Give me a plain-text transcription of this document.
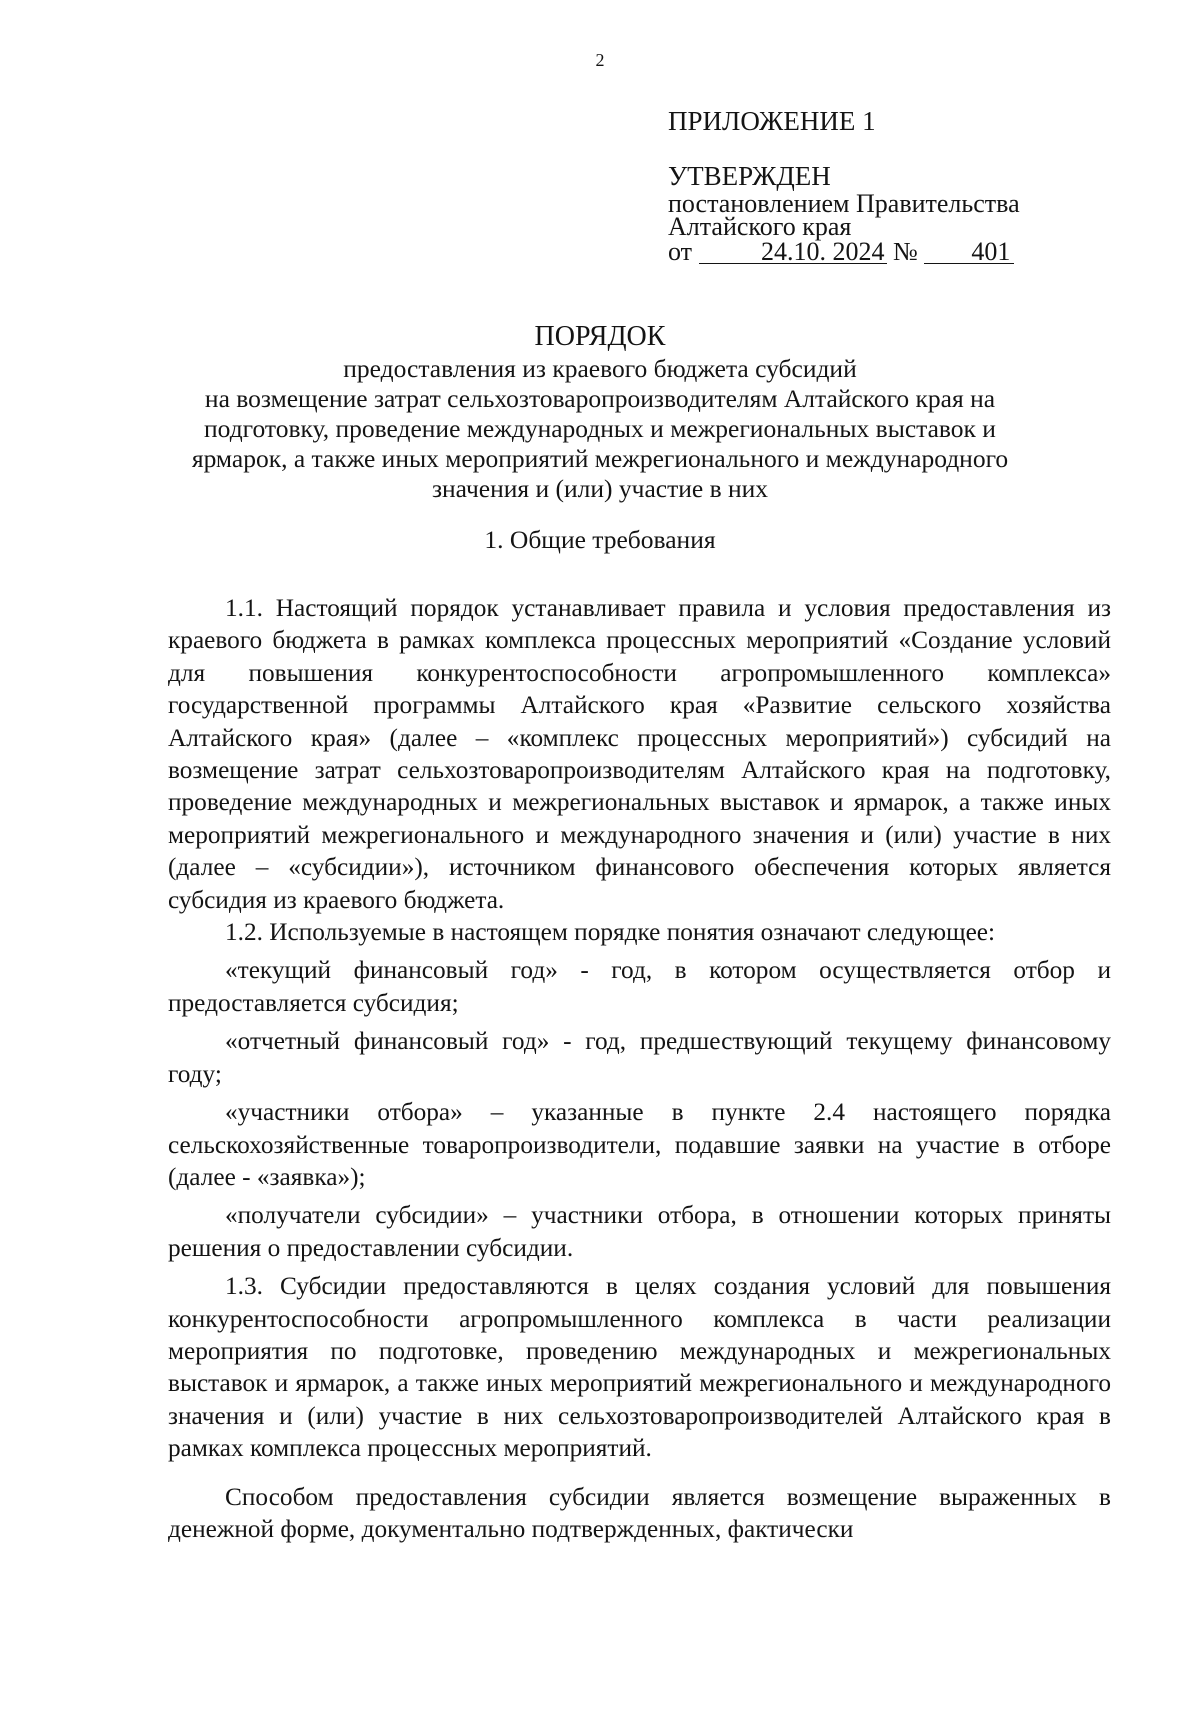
2
ПРИЛОЖЕНИЕ 1
УТВЕРЖДЕН
постановлением Правительства
Алтайского края
от	24.10. 2024 № 401
ПОРЯДОК
предоставления из краевого бюджета субсидий
на возмещение затрат сельхозтоваропроизводителям Алтайского края на
подготовку, проведение международных и межрегиональных выставок и
ярмарок, а также иных мероприятий межрегионального и международного
значения и (или) участие в них
1. Общие требования

1.1. Настоящий порядок устанавливает правила и условия предоставления из краевого бюджета в рамках комплекса процессных мероприятий «Создание условий для повышения конкурентоспособности агропромышленного комплекса» государственной программы Алтайского края «Развитие сельского хозяйства Алтайского края» (далее – «комплекс процессных мероприятий») субсидий на возмещение затрат сельхозтоваропроизводителям Алтайского края на подготовку, проведение международных и межрегиональных выставок и ярмарок, а также иных мероприятий межрегионального и международного значения и (или) участие в них (далее – «субсидии»), источником финансового обеспечения которых является субсидия из краевого бюджета.

1.2. Используемые в настоящем порядке понятия означают следующее:

«текущий финансовый год» - год, в котором осуществляется отбор и предоставляется субсидия;

«отчетный финансовый год» - год, предшествующий текущему финансовому году;

«участники отбора» – указанные в пункте 2.4 настоящего порядка сельскохозяйственные товаропроизводители, подавшие заявки на участие в отборе (далее - «заявка»);

«получатели субсидии» – участники отбора, в отношении которых приняты решения о предоставлении субсидии.

1.3. Субсидии предоставляются в целях создания условий для повышения конкурентоспособности агропромышленного комплекса в части реализации мероприятия по подготовке, проведению международных и межрегиональных выставок и ярмарок, а также иных мероприятий межрегионального и международного значения и (или) участие в них сельхозтоваропроизводителей Алтайского края в рамках комплекса процессных мероприятий.

Способом предоставления субсидии является возмещение выраженных в денежной форме, документально подтвержденных, фактически
